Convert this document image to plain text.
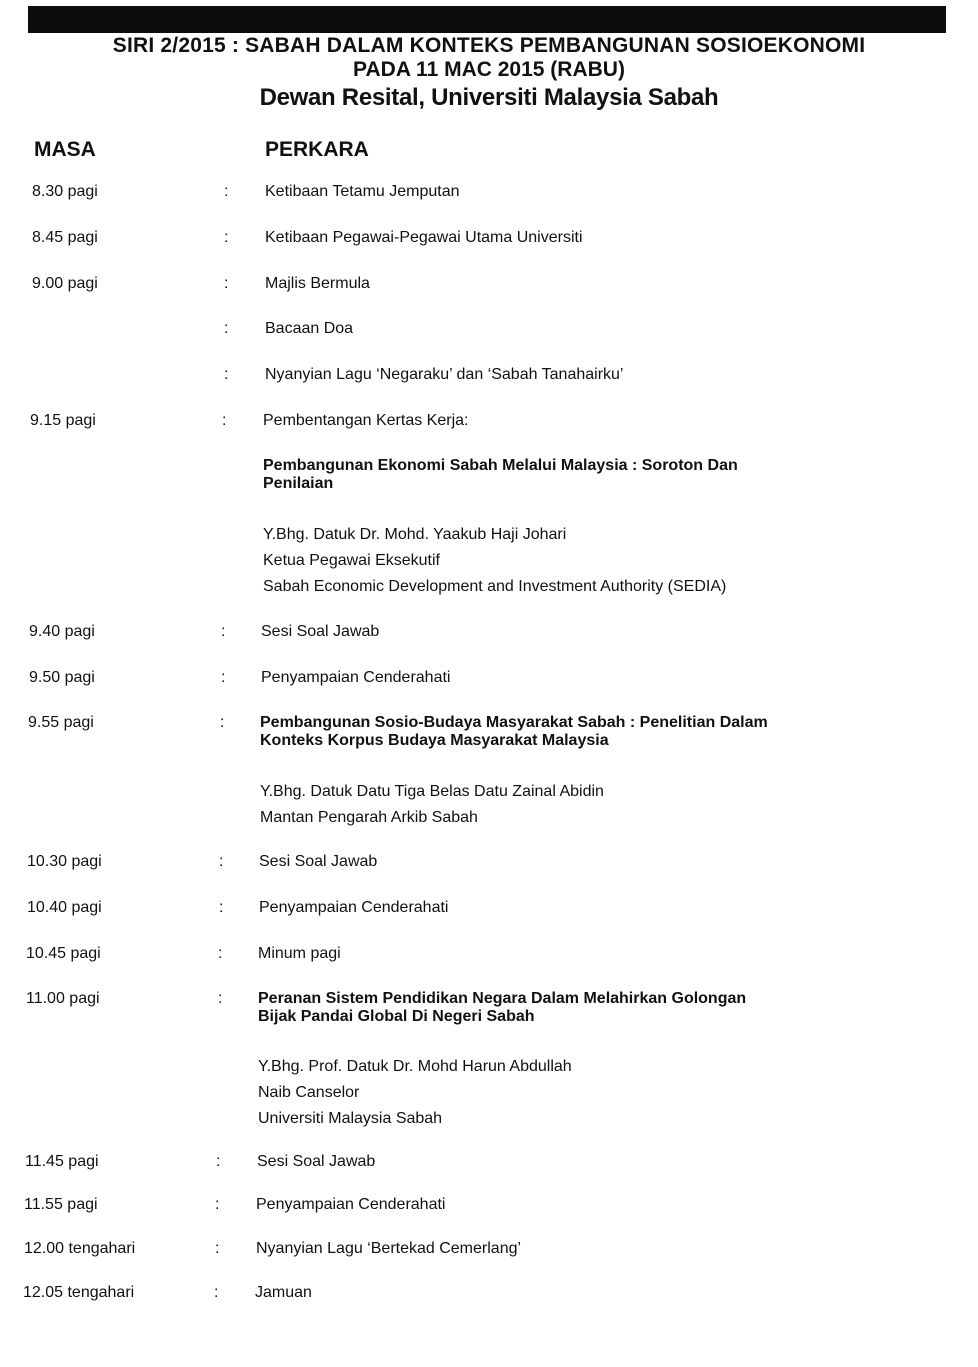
SIRI 2/2015 : SABAH DALAM KONTEKS PEMBANGUNAN SOSIOEKONOMI
PADA 11 MAC 2015 (RABU)
Dewan Resital, Universiti Malaysia Sabah
MASA	PERKARA
8.30 pagi	: Ketibaan Tetamu Jemputan
8.45 pagi	: Ketibaan Pegawai-Pegawai Utama Universiti
9.00 pagi	: Majlis Bermula
: Bacaan Doa
: Nyanyian Lagu ‘Negaraku’ dan ‘Sabah Tanahairku’
9.15 pagi	: Pembentangan Kertas Kerja:
Pembangunan Ekonomi Sabah Melalui Malaysia : Soroton Dan
Penilaian
Y.Bhg. Datuk Dr. Mohd. Yaakub Haji Johari
Ketua Pegawai Eksekutif
Sabah Economic Development and Investment Authority (SEDIA)
9.40 pagi	: Sesi Soal Jawab
9.50 pagi	: Penyampaian Cenderahati
9.55 pagi	: Pembangunan Sosio-Budaya Masyarakat Sabah : Penelitian Dalam
Konteks Korpus Budaya Masyarakat Malaysia
Y.Bhg. Datuk Datu Tiga Belas Datu Zainal Abidin
Mantan Pengarah Arkib Sabah
10.30 pagi	: Sesi Soal Jawab
10.40 pagi	: Penyampaian Cenderahati
10.45 pagi	: Minum pagi
11.00 pagi	: Peranan Sistem Pendidikan Negara Dalam Melahirkan Golongan
Bijak Pandai Global Di Negeri Sabah
Y.Bhg. Prof. Datuk Dr. Mohd Harun Abdullah
Naib Canselor
Universiti Malaysia Sabah
11.45 pagi	: Sesi Soal Jawab
11.55 pagi	: Penyampaian Cenderahati
12.00 tengahari	: Nyanyian Lagu ‘Bertekad Cemerlang’
12.05 tengahari	: Jamuan
